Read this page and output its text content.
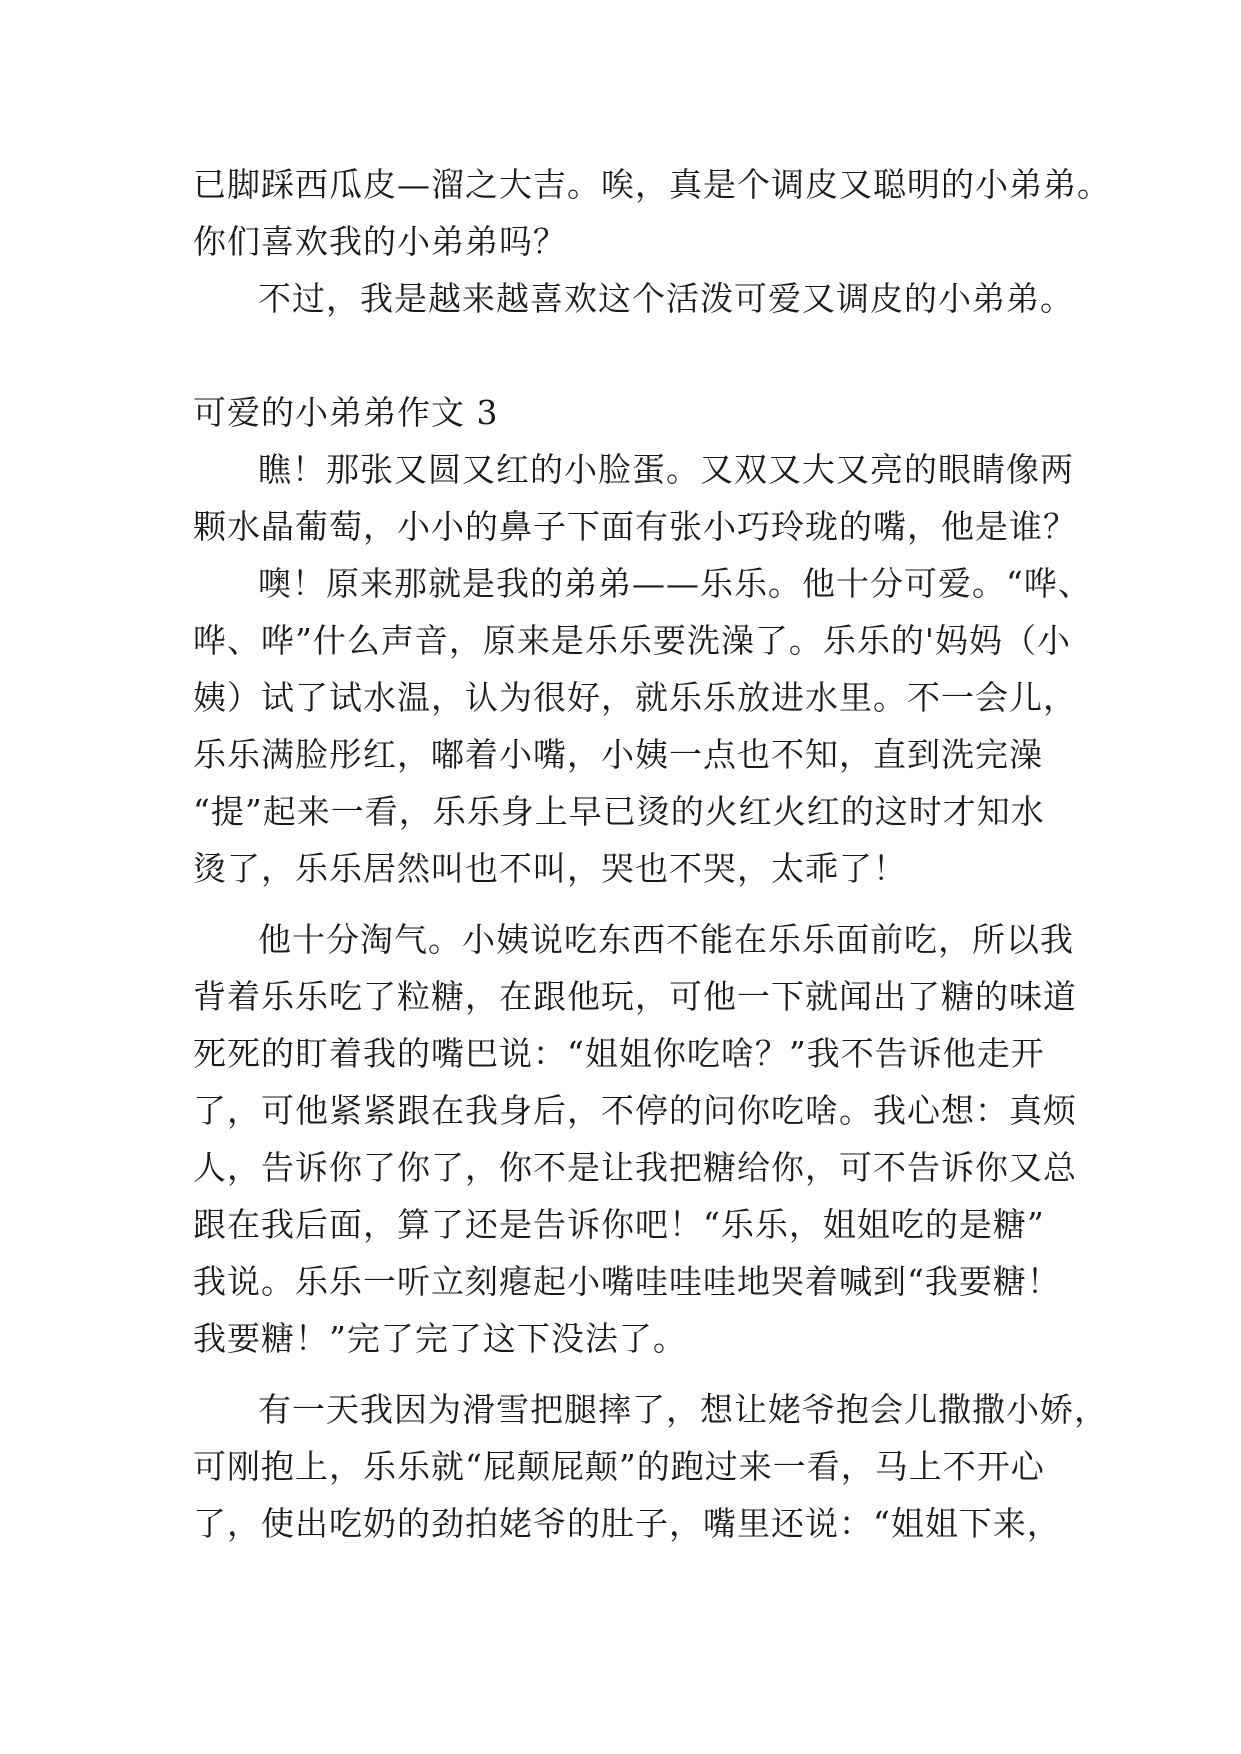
已脚踩西瓜皮—溜之大吉。唉，真是个调皮又聪明的小弟弟。
你们喜欢我的小弟弟吗？
不过，我是越来越喜欢这个活泼可爱又调皮的小弟弟。
可爱的小弟弟作文 3
瞧！那张又圆又红的小脸蛋。又双又大又亮的眼睛像两
颗水晶葡萄，小小的鼻子下面有张小巧玲珑的嘴，他是谁？
噢！原来那就是我的弟弟——乐乐。他十分可爱。“哗、
哗、哗”什么声音，原来是乐乐要洗澡了。乐乐的'妈妈（小
姨）试了试水温，认为很好，就乐乐放进水里。不一会儿，
乐乐满脸彤红，嘟着小嘴，小姨一点也不知，直到洗完澡
“提”起来一看，乐乐身上早已烫的火红火红的这时才知水
烫了，乐乐居然叫也不叫，哭也不哭，太乖了！
他十分淘气。小姨说吃东西不能在乐乐面前吃，所以我
背着乐乐吃了粒糖，在跟他玩，可他一下就闻出了糖的味道
死死的盯着我的嘴巴说：“姐姐你吃啥？”我不告诉他走开
了，可他紧紧跟在我身后，不停的问你吃啥。我心想：真烦
人，告诉你了你了，你不是让我把糖给你，可不告诉你又总
跟在我后面，算了还是告诉你吧！“乐乐，姐姐吃的是糖”
我说。乐乐一听立刻瘪起小嘴哇哇哇地哭着喊到“我要糖！
我要糖！”完了完了这下没法了。
有一天我因为滑雪把腿摔了，想让姥爷抱会儿撒撒小娇，
可刚抱上，乐乐就“屁颠屁颠”的跑过来一看，马上不开心
了，使出吃奶的劲拍姥爷的肚子，嘴里还说：“姐姐下来，
